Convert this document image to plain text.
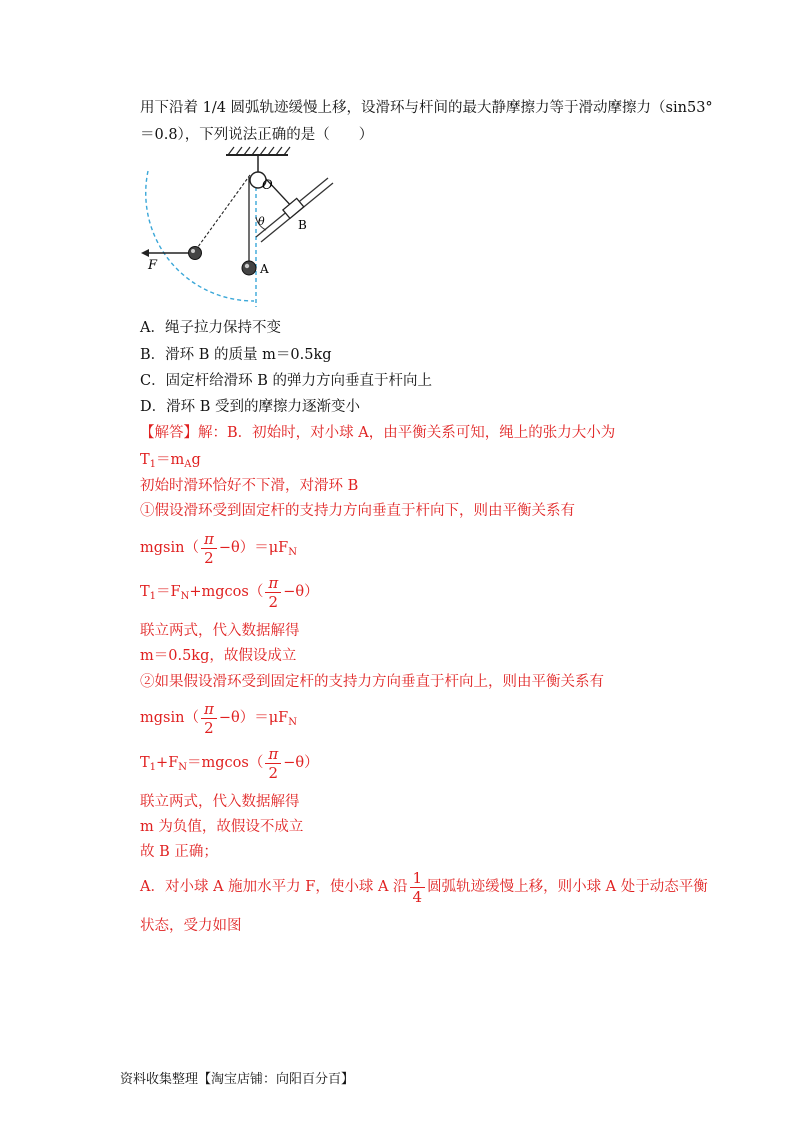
用下沿着 1/4 圆弧轨迹缓慢上移，设滑环与杆间的最大静摩擦力等于滑动摩擦力（sin53°
＝0.8），下列说法正确的是（　　）
O
B
θ
F	A
A．绳子拉力保持不变
B．滑环 B 的质量 m＝0.5kg
C．固定杆给滑环 B 的弹力方向垂直于杆向上
D．滑环 B 受到的摩擦力逐渐变小
【解答】解：B．初始时，对小球 A，由平衡关系可知，绳上的张力大小为
$T_1=m_Ag$
初始时滑环恰好不下滑，对滑环 B
①假设滑环受到固定杆的支持力方向垂直于杆向下，则由平衡关系有
$mgsin( \frac{\pi}{2} -\theta)=\mu F_N$
$T_1=F_N+mgcos( \frac{\pi}{2} -\theta)$
联立两式，代入数据解得
m＝0.5kg，故假设成立
②如果假设滑环受到固定杆的支持力方向垂直于杆向上，则由平衡关系有
$mgsin( \frac{\pi}{2} -\theta)=\mu F_N$
$T_1+F_N=mgcos( \frac{\pi}{2} -\theta)$
联立两式，代入数据解得
m 为负值，故假设不成立
故 B 正确；
A．对小球 A 施加水平力 F，使小球 A 沿 $\frac{1}{4}$ 圆弧轨迹缓慢上移，则小球 A 处于动态平衡
状态，受力如图
资料收集整理【淘宝店铺：向阳百分百】
